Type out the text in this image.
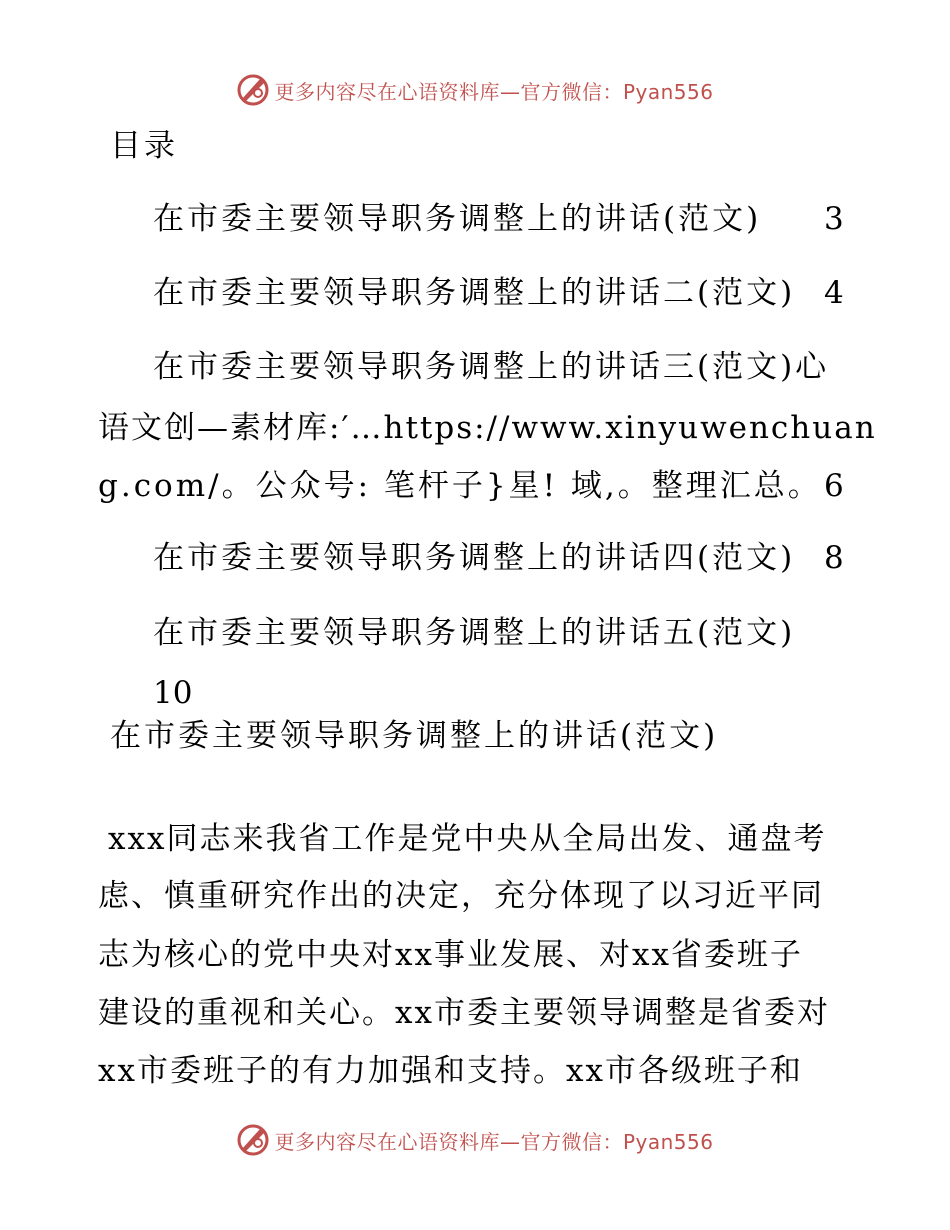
更多内容尽在心语资料库—官方微信：Pyan556
目录
在市委主要领导职务调整上的讲话(范文) 3
在市委主要领导职务调整上的讲话二(范文) 4
在市委主要领导职务调整上的讲话三(范文)心
语文创—素材库:′…https://www.xinyuwenchuan
g.com/。公众号: 笔杆子}星! 域,。整理汇总。 6
在市委主要领导职务调整上的讲话四(范文) 8
在市委主要领导职务调整上的讲话五(范文)
10
在市委主要领导职务调整上的讲话(范文)
xxx同志来我省工作是党中央从全局出发、通盘考
虑、慎重研究作出的决定，充分体现了以习近平同
志为核心的党中央对xx事业发展、对xx省委班子
建设的重视和关心。xx市委主要领导调整是省委对
xx市委班子的有力加强和支持。xx市各级班子和
更多内容尽在心语资料库—官方微信：Pyan556
